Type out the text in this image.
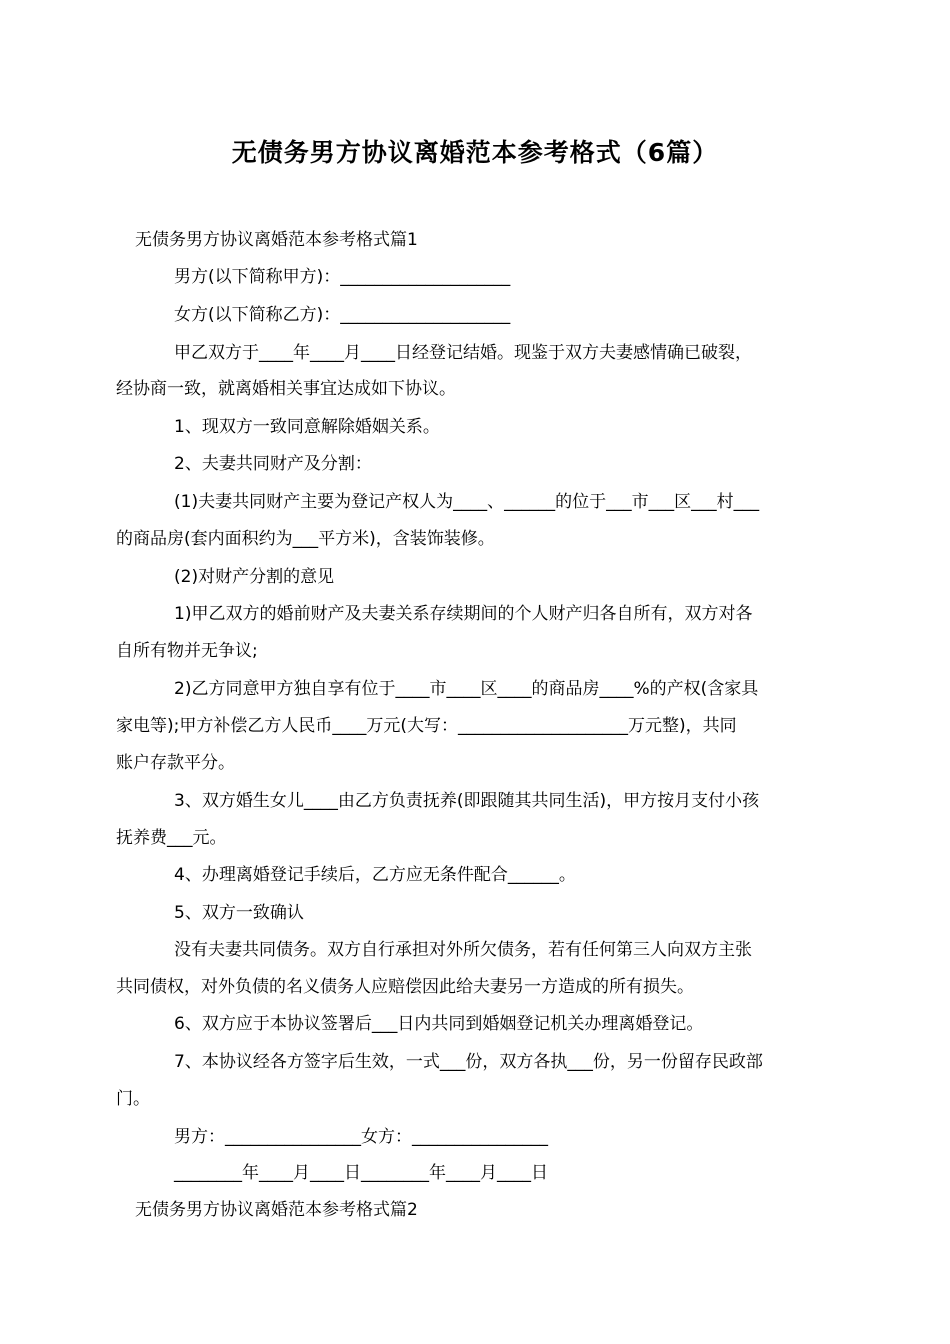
无债务男方协议离婚范本参考格式（6篇）
无债务男方协议离婚范本参考格式篇1
男方(以下简称甲方)：____________________
女方(以下简称乙方)：____________________
甲乙双方于____年____月____日经登记结婚。现鉴于双方夫妻感情确已破裂，
经协商一致，就离婚相关事宜达成如下协议。
1、现双方一致同意解除婚姻关系。
2、夫妻共同财产及分割：
(1)夫妻共同财产主要为登记产权人为____、______的位于___市___区___村___
的商品房(套内面积约为___平方米)，含装饰装修。
(2)对财产分割的意见
1)甲乙双方的婚前财产及夫妻关系存续期间的个人财产归各自所有，双方对各
自所有物并无争议;
2)乙方同意甲方独自享有位于____市____区____的商品房____%的产权(含家具
家电等);甲方补偿乙方人民币____万元(大写：____________________万元整)，共同
账户存款平分。
3、双方婚生女儿____由乙方负责抚养(即跟随其共同生活)，甲方按月支付小孩
抚养费___元。
4、办理离婚登记手续后，乙方应无条件配合______。
5、双方一致确认
没有夫妻共同债务。双方自行承担对外所欠债务，若有任何第三人向双方主张
共同债权，对外负债的名义债务人应赔偿因此给夫妻另一方造成的所有损失。
6、双方应于本协议签署后___日内共同到婚姻登记机关办理离婚登记。
7、本协议经各方签字后生效，一式___份，双方各执___份，另一份留存民政部
门。
男方：________________女方：________________
________年____月____日________年____月____日
无债务男方协议离婚范本参考格式篇2
